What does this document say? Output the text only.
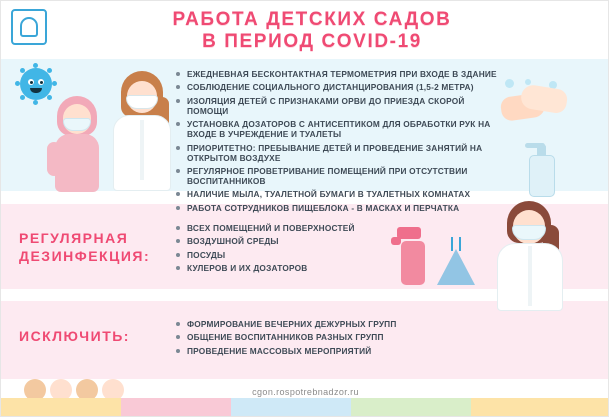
РАБОТА ДЕТСКИХ САДОВ
В ПЕРИОД COVID-19
ЕЖЕДНЕВНАЯ БЕСКОНТАКТНАЯ ТЕРМОМЕТРИЯ ПРИ ВХОДЕ В ЗДАНИЕ
СОБЛЮДЕНИЕ СОЦИАЛЬНОГО ДИСТАНЦИРОВАНИЯ (1,5-2 МЕТРА)
ИЗОЛЯЦИЯ ДЕТЕЙ С ПРИЗНАКАМИ ОРВИ ДО ПРИЕЗДА СКОРОЙ ПОМОЩИ
УСТАНОВКА ДОЗАТОРОВ С АНТИСЕПТИКОМ ДЛЯ ОБРАБОТКИ РУК НА ВХОДЕ В УЧРЕЖДЕНИЕ И ТУАЛЕТЫ
ПРИОРИТЕТНО: ПРЕБЫВАНИЕ ДЕТЕЙ И ПРОВЕДЕНИЕ ЗАНЯТИЙ НА ОТКРЫТОМ ВОЗДУХЕ
РЕГУЛЯРНОЕ ПРОВЕТРИВАНИЕ ПОМЕЩЕНИЙ ПРИ ОТСУТСТВИИ ВОСПИТАННИКОВ
НАЛИЧИЕ МЫЛА, ТУАЛЕТНОЙ БУМАГИ В ТУАЛЕТНЫХ КОМНАТАХ
РАБОТА СОТРУДНИКОВ ПИЩЕБЛОКА - В МАСКАХ И ПЕРЧАТКА
РЕГУЛЯРНАЯ ДЕЗИНФЕКЦИЯ:
ВСЕХ ПОМЕЩЕНИЙ И ПОВЕРХНОСТЕЙ
ВОЗДУШНОЙ СРЕДЫ
ПОСУДЫ
КУЛЕРОВ И ИХ ДОЗАТОРОВ
ИСКЛЮЧИТЬ:
ФОРМИРОВАНИЕ ВЕЧЕРНИХ ДЕЖУРНЫХ ГРУПП
ОБЩЕНИЕ ВОСПИТАННИКОВ РАЗНЫХ ГРУПП
ПРОВЕДЕНИЕ МАССОВЫХ МЕРОПРИЯТИЙ
cgon.rospotrebnadzor.ru
